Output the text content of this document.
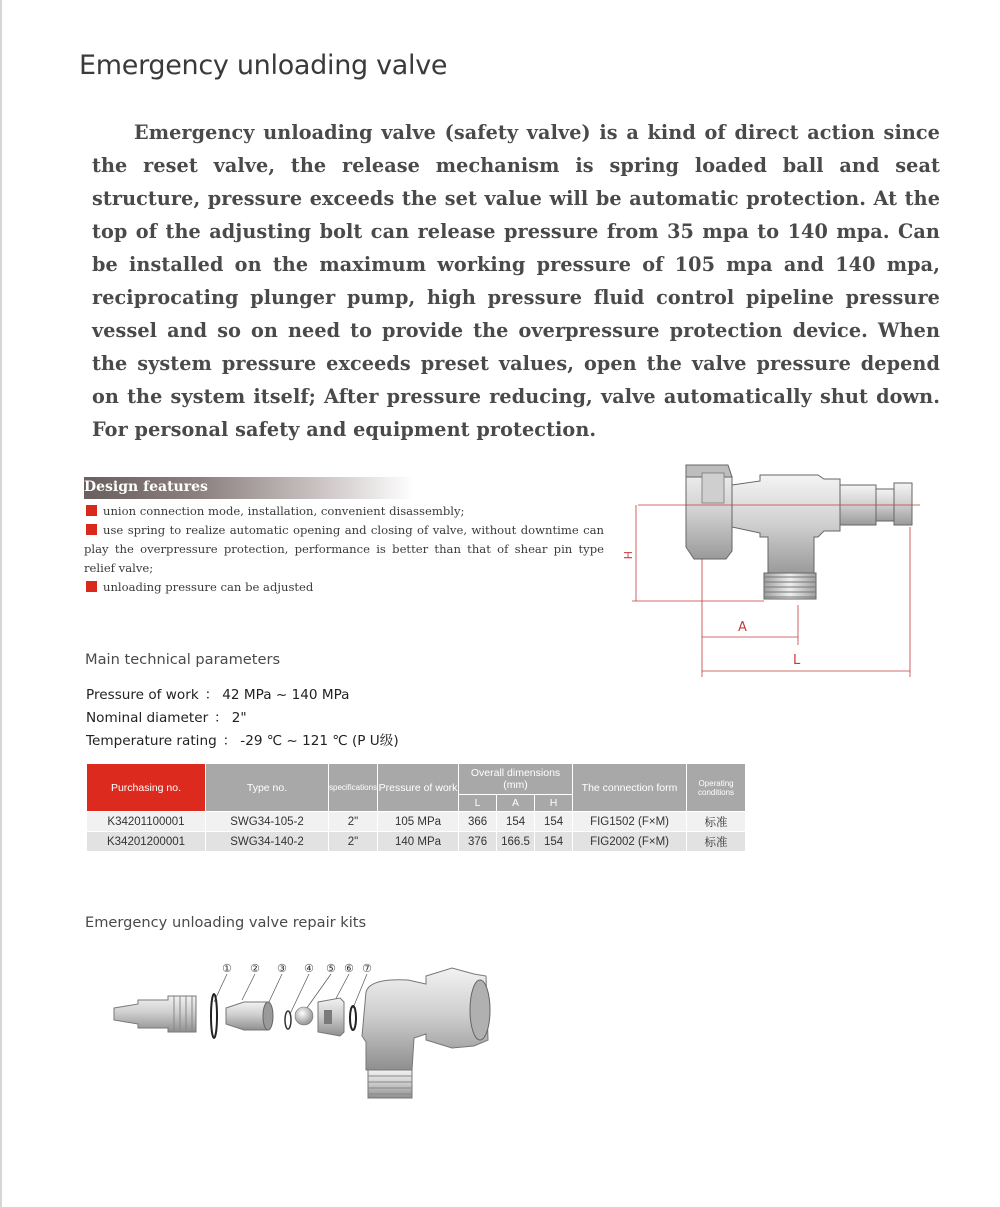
Emergency unloading valve

Emergency unloading valve (safety valve) is a kind of direct action since the reset valve, the release mechanism is spring loaded ball and seat structure, pressure exceeds the set value will be automatic protection. At the top of the adjusting bolt can release pressure from 35 mpa to 140 mpa. Can be installed on the maximum working pressure of 105 mpa and 140 mpa, reciprocating plunger pump, high pressure fluid control pipeline pressure vessel and so on need to provide the overpressure protection device. When the system pressure exceeds preset values, open the valve pressure depend on the system itself; After pressure reducing, valve automatically shut down. For personal safety and equipment protection.

Design features
union connection mode, installation, convenient disassembly;
use spring to realize automatic opening and closing of valve, without downtime can play the overpressure protection, performance is better than that of shear pin type relief valve;
unloading pressure can be adjusted
H
A
L
Main technical parameters
Pressure of work ： 42 MPa ~ 140 MPa
Nominal diameter ： 2"
Temperature rating ： -29 ℃ ~ 121 ℃ (P U级)
Purchasing no.	Type no.	specifications	Pressure of work	Overall dimensions (mm)			The connection form	Operating conditions
				L	A	H		
K34201100001	SWG34-105-2	2"	105 MPa	366	154	154	FIG1502 (F×M)	标准
K34201200001	SWG34-140-2	2"	140 MPa	376	166.5	154	FIG2002 (F×M)	标准
Emergency unloading valve repair kits
① ② ③ ④ ⑤ ⑥ ⑦
